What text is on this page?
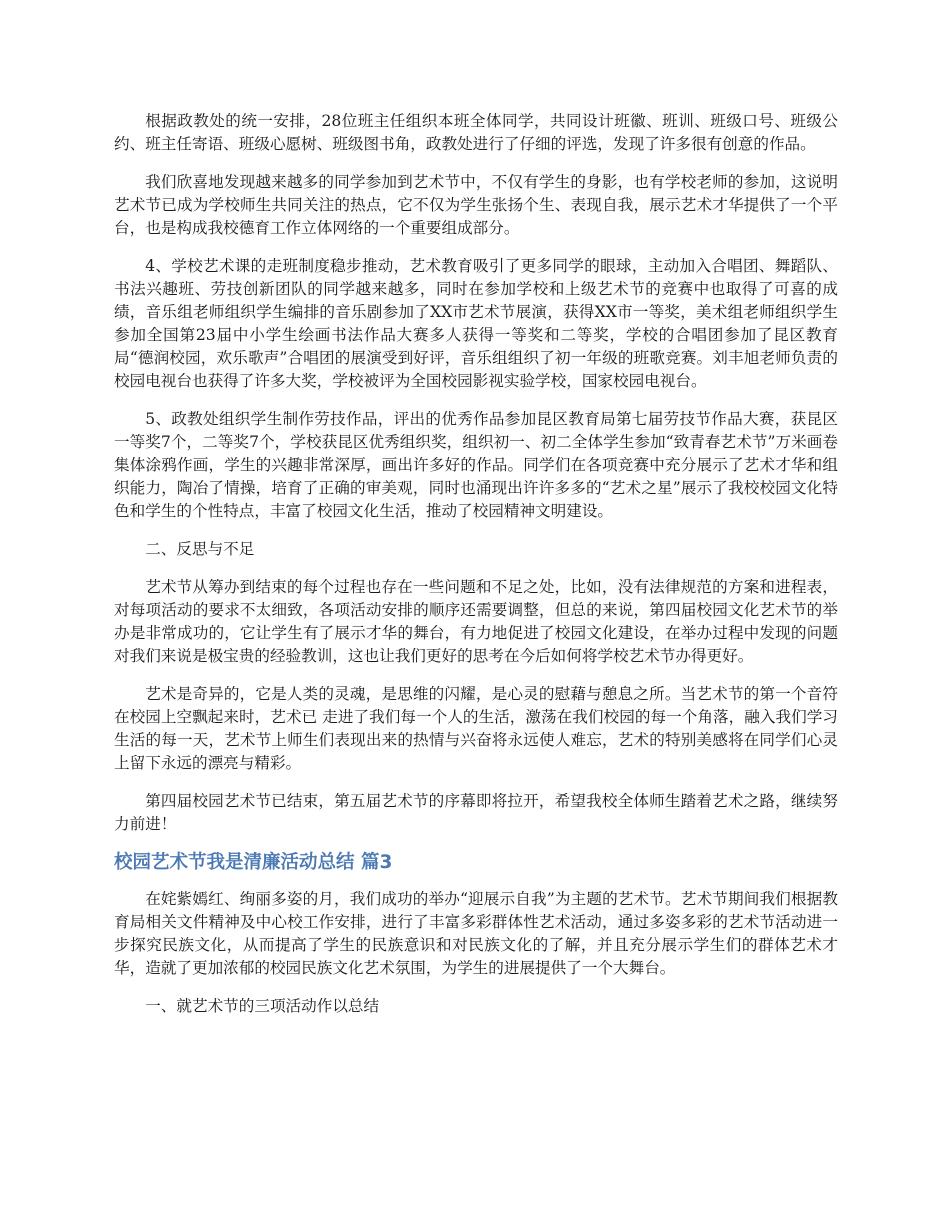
根据政教处的统一安排，28位班主任组织本班全体同学，共同设计班徽、班训、班级口号、班级公约、班主任寄语、班级心愿树、班级图书角，政教处进行了仔细的评选，发现了许多很有创意的作品。

我们欣喜地发现越来越多的同学参加到艺术节中，不仅有学生的身影，也有学校老师的参加，这说明艺术节已成为学校师生共同关注的热点，它不仅为学生张扬个生、表现自我，展示艺术才华提供了一个平台，也是构成我校德育工作立体网络的一个重要组成部分。

4、学校艺术课的走班制度稳步推动，艺术教育吸引了更多同学的眼球，主动加入合唱团、舞蹈队、书法兴趣班、劳技创新团队的同学越来越多，同时在参加学校和上级艺术节的竞赛中也取得了可喜的成绩，音乐组老师组织学生编排的音乐剧参加了XX市艺术节展演，获得XX市一等奖，美术组老师组织学生参加全国第23届中小学生绘画书法作品大赛多人获得一等奖和二等奖，学校的合唱团参加了昆区教育局“德润校园，欢乐歌声”合唱团的展演受到好评，音乐组组织了初一年级的班歌竞赛。刘丰旭老师负责的校园电视台也获得了许多大奖，学校被评为全国校园影视实验学校，国家校园电视台。

5、政教处组织学生制作劳技作品，评出的优秀作品参加昆区教育局第七届劳技节作品大赛，获昆区一等奖7个，二等奖7个，学校获昆区优秀组织奖，组织初一、初二全体学生参加“致青春艺术节”万米画卷集体涂鸦作画，学生的兴趣非常深厚，画出许多好的作品。同学们在各项竞赛中充分展示了艺术才华和组织能力，陶冶了情操，培育了正确的审美观，同时也涌现出许许多多的“艺术之星”展示了我校校园文化特色和学生的个性特点，丰富了校园文化生活，推动了校园精神文明建设。

二、反思与不足

艺术节从筹办到结束的每个过程也存在一些问题和不足之处，比如，没有法律规范的方案和进程表，对每项活动的要求不太细致，各项活动安排的顺序还需要调整，但总的来说，第四届校园文化艺术节的举办是非常成功的，它让学生有了展示才华的舞台，有力地促进了校园文化建设，在举办过程中发现的问题对我们来说是极宝贵的经验教训，这也让我们更好的思考在今后如何将学校艺术节办得更好。

艺术是奇异的，它是人类的灵魂，是思维的闪耀，是心灵的慰藉与憩息之所。当艺术节的第一个音符在校园上空飘起来时，艺术已 走进了我们每一个人的生活，激荡在我们校园的每一个角落，融入我们学习生活的每一天，艺术节上师生们表现出来的热情与兴奋将永远使人难忘，艺术的特别美感将在同学们心灵上留下永远的漂亮与精彩。

第四届校园艺术节已结束，第五届艺术节的序幕即将拉开，希望我校全体师生踏着艺术之路，继续努力前进！

校园艺术节我是清廉活动总结 篇3

在姹紫嫣红、绚丽多姿的月，我们成功的举办“迎展示自我”为主题的艺术节。艺术节期间我们根据教育局相关文件精神及中心校工作安排，进行了丰富多彩群体性艺术活动，通过多姿多彩的艺术节活动进一步探究民族文化，从而提高了学生的民族意识和对民族文化的了解，并且充分展示学生们的群体艺术才华，造就了更加浓郁的校园民族文化艺术氛围，为学生的进展提供了一个大舞台。

一、就艺术节的三项活动作以总结
